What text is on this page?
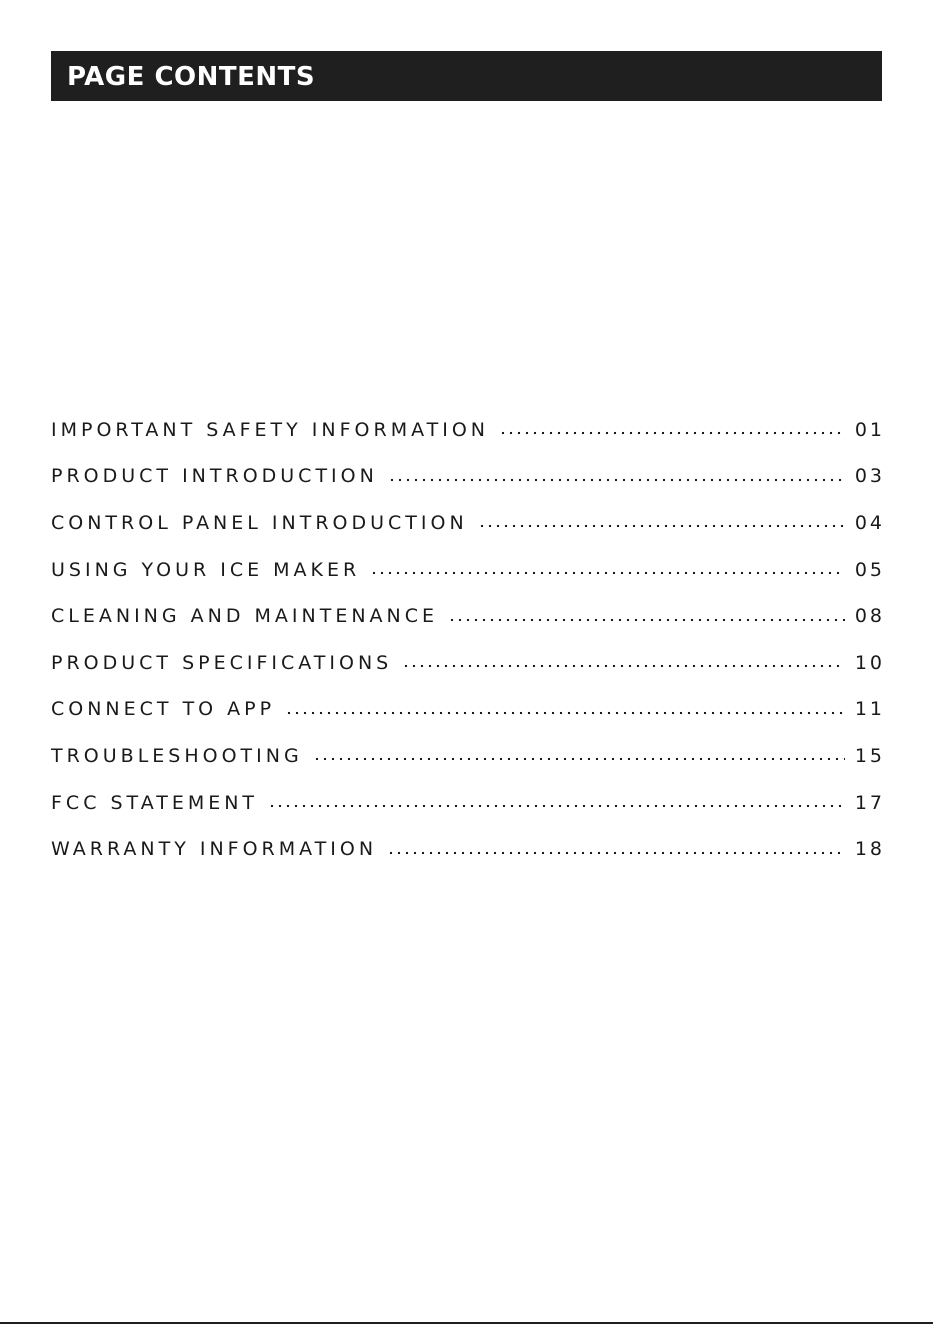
PAGE CONTENTS
IMPORTANT SAFETY INFORMATION	01
PRODUCT INTRODUCTION	03
CONTROL PANEL INTRODUCTION	04
USING YOUR ICE MAKER	05
CLEANING AND MAINTENANCE	08
PRODUCT SPECIFICATIONS	10
CONNECT TO APP	11
TROUBLESHOOTING	15
FCC STATEMENT	17
WARRANTY INFORMATION	18
